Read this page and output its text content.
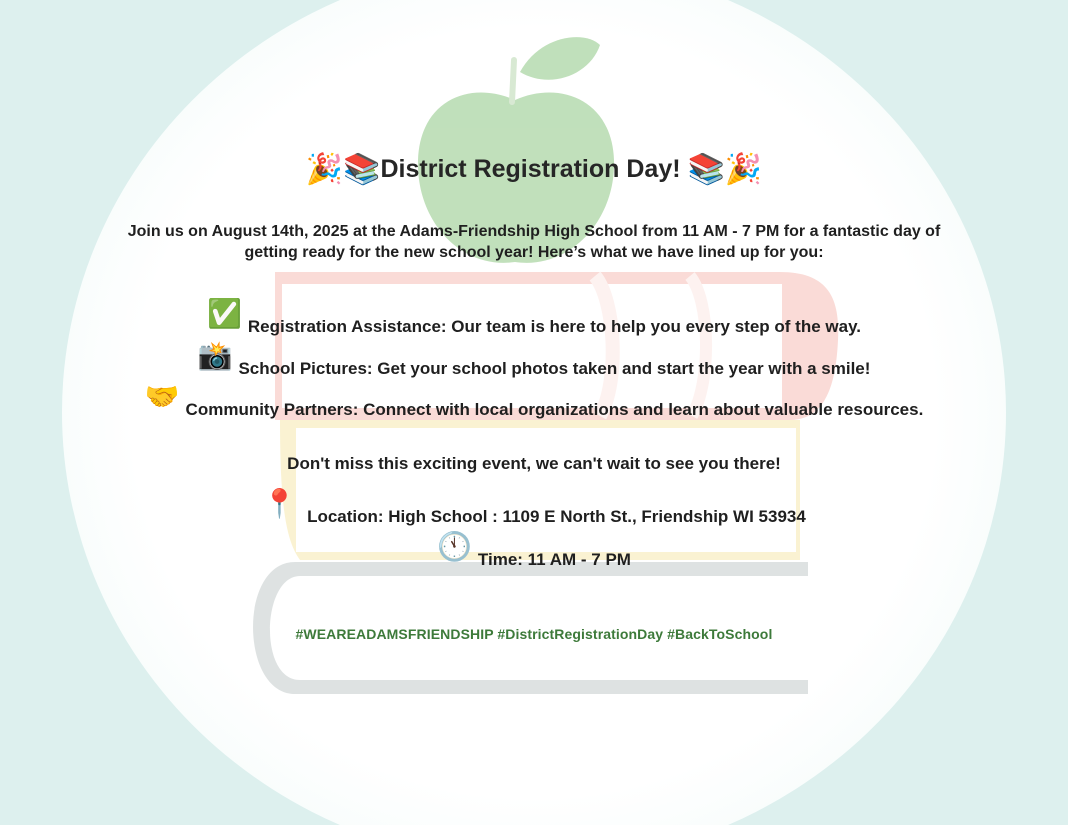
🎉📚District Registration Day! 📚🎉
Join us on August 14th, 2025 at the Adams-Friendship High School from 11 AM - 7 PM for a fantastic day of
getting ready for the new school year! Here’s what we have lined up for you:
✅ Registration Assistance: Our team is here to help you every step of the way.
📸 School Pictures: Get your school photos taken and start the year with a smile!
🤝 Community Partners: Connect with local organizations and learn about valuable resources.
Don't miss this exciting event, we can't wait to see you there!
📍 Location: High School : 1109 E North St., Friendship WI 53934
🕚 Time: 11 AM - 7 PM
#WEAREADAMSFRIENDSHIP #DistrictRegistrationDay #BackToSchool
